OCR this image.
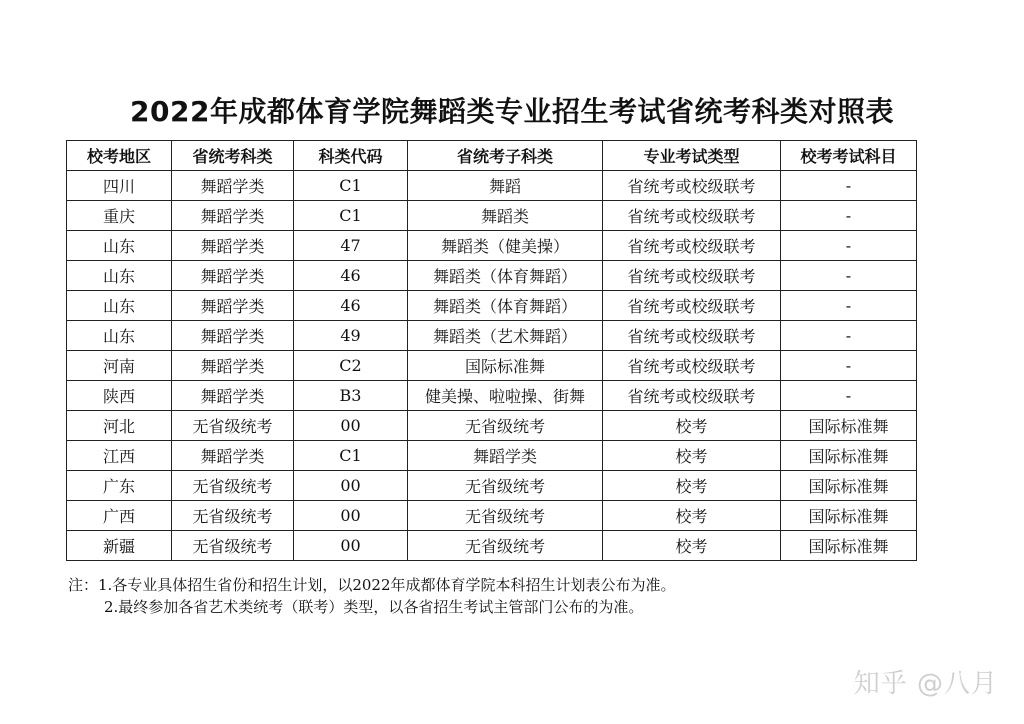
2022年成都体育学院舞蹈类专业招生考试省统考科类对照表
校考地区	省统考科类	科类代码	省统考子科类	专业考试类型	校考考试科目
四川	舞蹈学类	C1	舞蹈	省统考或校级联考	-
重庆	舞蹈学类	C1	舞蹈类	省统考或校级联考	-
山东	舞蹈学类	47	舞蹈类（健美操）	省统考或校级联考	-
山东	舞蹈学类	46	舞蹈类（体育舞蹈）	省统考或校级联考	-
山东	舞蹈学类	46	舞蹈类（体育舞蹈）	省统考或校级联考	-
山东	舞蹈学类	49	舞蹈类（艺术舞蹈）	省统考或校级联考	-
河南	舞蹈学类	C2	国际标准舞	省统考或校级联考	-
陕西	舞蹈学类	B3	健美操、啦啦操、街舞	省统考或校级联考	-
河北	无省级统考	00	无省级统考	校考	国际标准舞
江西	舞蹈学类	C1	舞蹈学类	校考	国际标准舞
广东	无省级统考	00	无省级统考	校考	国际标准舞
广西	无省级统考	00	无省级统考	校考	国际标准舞
新疆	无省级统考	00	无省级统考	校考	国际标准舞
注：1.各专业具体招生省份和招生计划，以2022年成都体育学院本科招生计划表公布为准。
2.最终参加各省艺术类统考（联考）类型，以各省招生考试主管部门公布的为准。
知乎 @八月
